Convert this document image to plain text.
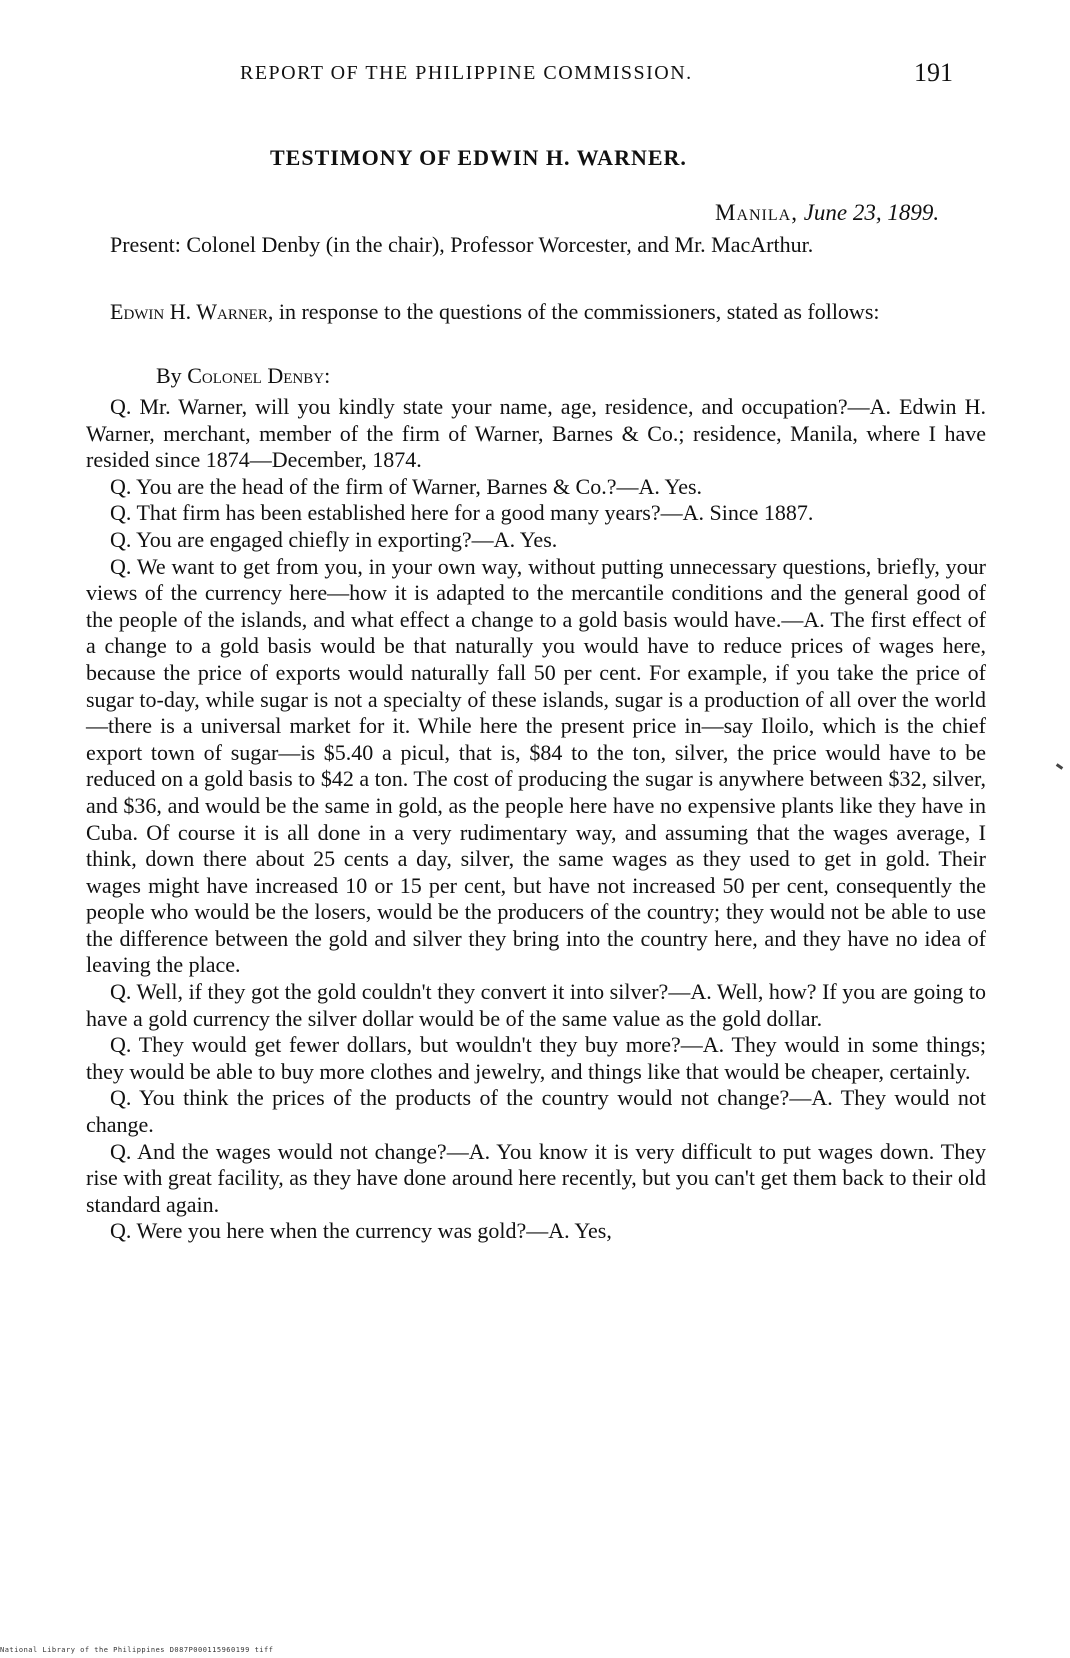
REPORT OF THE PHILIPPINE COMMISSION.	191
TESTIMONY OF EDWIN H. WARNER.
Manila, June 23, 1899.

Present: Colonel Denby (in the chair), Professor Worcester, and Mr. MacArthur.

Edwin H. Warner, in response to the questions of the commissioners, stated as follows:

By Colonel Denby:

Q. Mr. Warner, will you kindly state your name, age, residence, and occupation?—A. Edwin H. Warner, merchant, member of the firm of Warner, Barnes & Co.; residence, Manila, where I have resided since 1874—December, 1874.

Q. You are the head of the firm of Warner, Barnes & Co.?—A. Yes.

Q. That firm has been established here for a good many years?—A. Since 1887.

Q. You are engaged chiefly in exporting?—A. Yes.

Q. We want to get from you, in your own way, without putting unnecessary questions, briefly, your views of the currency here—how it is adapted to the mercantile conditions and the general good of the people of the islands, and what effect a change to a gold basis would have.—A. The first effect of a change to a gold basis would be that naturally you would have to reduce prices of wages here, because the price of exports would naturally fall 50 per cent. For example, if you take the price of sugar to-day, while sugar is not a specialty of these islands, sugar is a production of all over the world—there is a universal market for it. While here the present price in—say Iloilo, which is the chief export town of sugar—is $5.40 a picul, that is, $84 to the ton, silver, the price would have to be reduced on a gold basis to $42 a ton. The cost of producing the sugar is anywhere between $32, silver, and $36, and would be the same in gold, as the people here have no expensive plants like they have in Cuba. Of course it is all done in a very rudimentary way, and assuming that the wages average, I think, down there about 25 cents a day, silver, the same wages as they used to get in gold. Their wages might have increased 10 or 15 per cent, but have not increased 50 per cent, consequently the people who would be the losers, would be the producers of the country; they would not be able to use the difference between the gold and silver they bring into the country here, and they have no idea of leaving the place.

Q. Well, if they got the gold couldn't they convert it into silver?—A. Well, how? If you are going to have a gold currency the silver dollar would be of the same value as the gold dollar.

Q. They would get fewer dollars, but wouldn't they buy more?—A. They would in some things; they would be able to buy more clothes and jewelry, and things like that would be cheaper, certainly.

Q. You think the prices of the products of the country would not change?—A. They would not change.

Q. And the wages would not change?—A. You know it is very difficult to put wages down. They rise with great facility, as they have done around here recently, but you can't get them back to their old standard again.

Q. Were you here when the currency was gold?—A. Yes,

National Library of the Philippines D087P000115960199 tiff
